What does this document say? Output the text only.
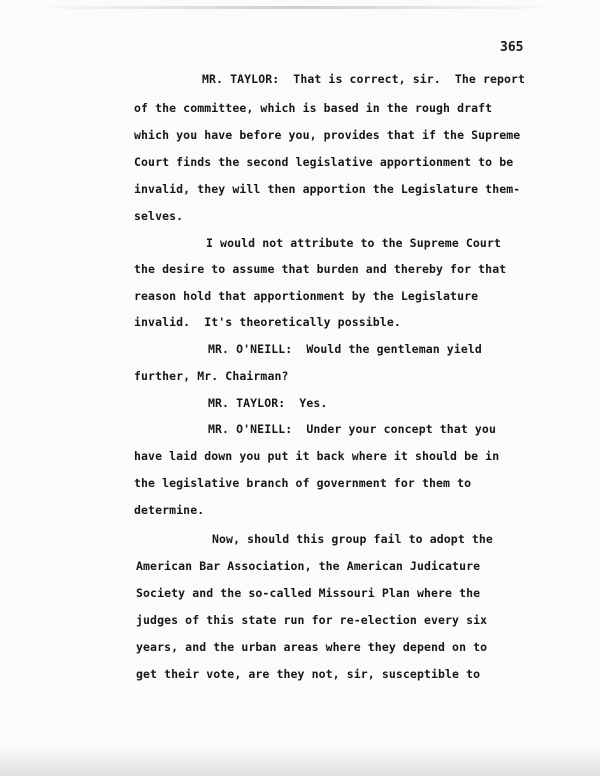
365
MR. TAYLOR:  That is correct, sir.  The report
of the committee, which is based in the rough draft
which you have before you, provides that if the Supreme
Court finds the second legislative apportionment to be
invalid, they will then apportion the Legislature them-
selves.
I would not attribute to the Supreme Court
the desire to assume that burden and thereby for that
reason hold that apportionment by the Legislature
invalid.  It's theoretically possible.
MR. O'NEILL:  Would the gentleman yield
further, Mr. Chairman?
MR. TAYLOR:  Yes.
MR. O'NEILL:  Under your concept that you
have laid down you put it back where it should be in
the legislative branch of government for them to
determine.
Now, should this group fail to adopt the
American Bar Association, the American Judicature
Society and the so-called Missouri Plan where the
judges of this state run for re-election every six
years, and the urban areas where they depend on to
get their vote, are they not, sir, susceptible to
